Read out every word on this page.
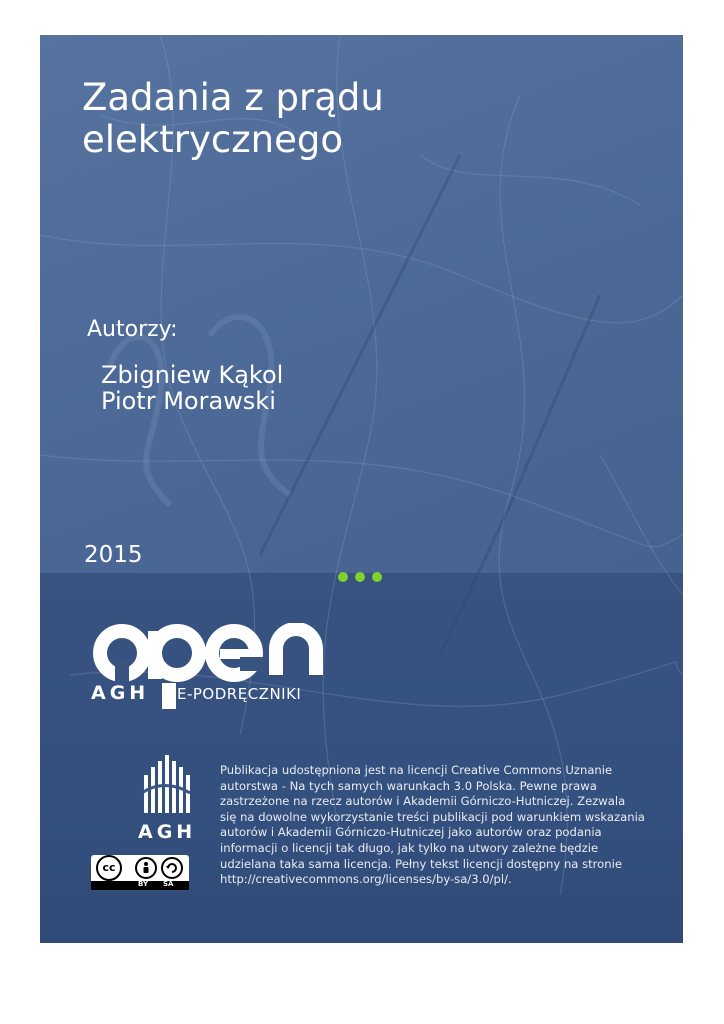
Zadania z prądu
elektrycznego
Autorzy:
Zbigniew Kąkol
Piotr Morawski
2015
AGH E-PODRĘCZNIKI
AGH
cc
BY SA

Publikacja udostępniona jest na licencji Creative Commons Uznanie autorstwa - Na tych samych warunkach 3.0 Polska. Pewne prawa zastrzeżone na rzecz autorów i Akademii Górniczo-Hutniczej. Zezwala się na dowolne wykorzystanie treści publikacji pod warunkiem wskazania autorów i Akademii Górniczo-Hutniczej jako autorów oraz podania informacji o licencji tak długo, jak tylko na utwory zależne będzie udzielana taka sama licencja. Pełny tekst licencji dostępny na stronie http://creativecommons.org/licenses/by-sa/3.0/pl/.
